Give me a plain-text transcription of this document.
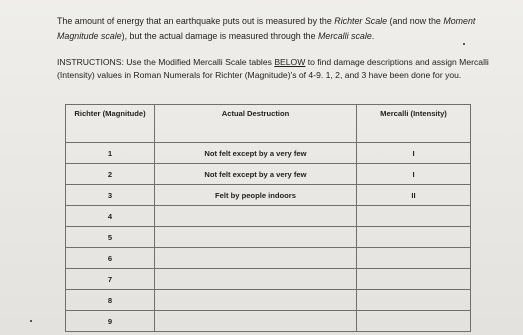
The amount of energy that an earthquake puts out is measured by the Richter Scale (and now the Moment Magnitude scale), but the actual damage is measured through the Mercalli scale.

INSTRUCTIONS: Use the Modified Mercalli Scale tables BELOW to find damage descriptions and assign Mercalli (Intensity) values in Roman Numerals for Richter (Magnitude)'s of 4-9. 1, 2, and 3 have been done for you.

Richter (Magnitude)	Actual Destruction	Mercalli (Intensity)
1	Not felt except by a very few	I
2	Not felt except by a very few	I
3	Felt by people indoors	II
4		
5		
6		
7		
8		
9		
